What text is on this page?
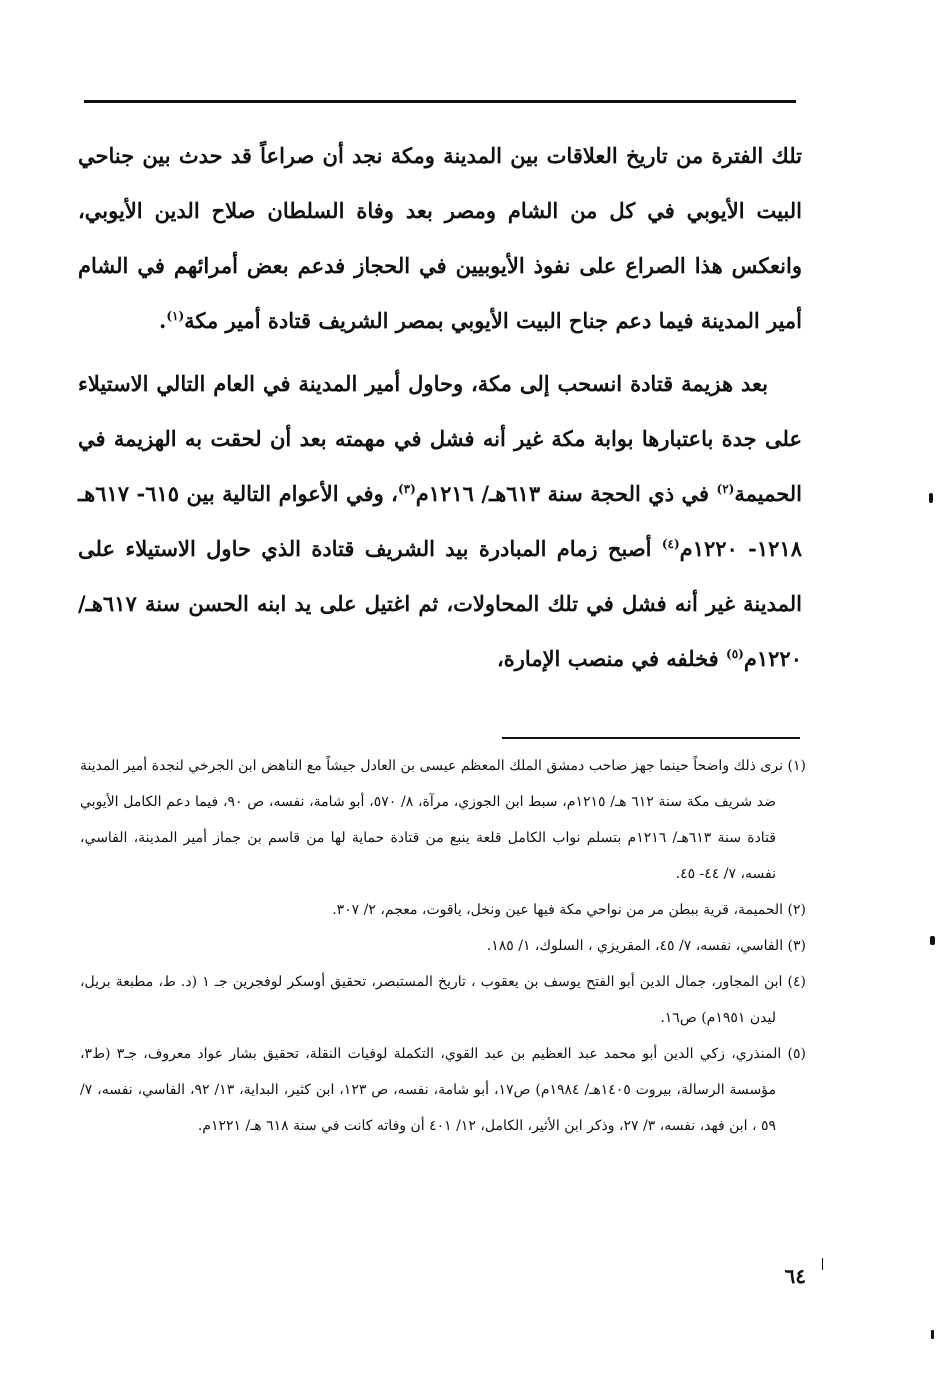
تلك الفترة من تاريخ العلاقات بين المدينة ومكة نجد أن صراعاً قد حدث بين جناحي البيت الأيوبي في كل من الشام ومصر بعد وفاة السلطان صلاح الدين الأيوبي، وانعكس هذا الصراع على نفوذ الأيوبيين في الحجاز فدعم بعض أمرائهم في الشام أمير المدينة فيما دعم جناح البيت الأيوبي بمصر الشريف قتادة أمير مكة$^{(١)}$.

بعد هزيمة قتادة انسحب إلى مكة، وحاول أمير المدينة في العام التالي الاستيلاء على جدة باعتبارها بوابة مكة غير أنه فشل في مهمته بعد أن لحقت به الهزيمة في الحميمة$^{(٢)}$ في ذي الحجة سنة ٦١٣هـ/ ١٢١٦م$^{(٣)}$، وفي الأعوام التالية بين ٦١٥- ٦١٧هـ ١٢١٨- ١٢٢٠م$^{(٤)}$ أصبح زمام المبادرة بيد الشريف قتادة الذي حاول الاستيلاء على المدينة غير أنه فشل في تلك المحاولات، ثم اغتيل على يد ابنه الحسن سنة ٦١٧هـ/ ١٢٢٠م$^{(٥)}$ فخلفه في منصب الإمارة،

(١) نرى ذلك واضحاً حينما جهز صاحب دمشق الملك المعظم عيسى بن العادل جيشاً مع الناهض ابن الجرخي لنجدة أمير المدينة ضد شريف مكة سنة ٦١٢ هـ/ ١٢١٥م، سبط ابن الجوزي، مرآة، ٨/ ٥٧٠، أبو شامة، نفسه، ص ٩٠، فيما دعم الكامل الأيوبي قتادة سنة ٦١٣هـ/ ١٢١٦م بتسلم نواب الكامل قلعة ينبع من قتادة حماية لها من قاسم بن جماز أمير المدينة، الفاسي، نفسه، ٧/ ٤٤- ٤٥.

(٢) الحميمة، قرية ببطن مر من نواحي مكة فيها عين ونخل، ياقوت، معجم، ٢/ ٣٠٧.

(٣) الفاسي، نفسه، ٧/ ٤٥، المقريزي ، السلوك، ١/ ١٨٥.

(٤) ابن المجاور، جمال الدين أبو الفتح يوسف بن يعقوب ، تاريخ المستبصر، تحقيق أوسكر لوفجرين جـ ١ (د. ط، مطبعة بريل، ليدن ١٩٥١م) ص١٦.

(٥) المنذري، زكي الدين أبو محمد عبد العظيم بن عبد القوي، التكملة لوفيات النقلة، تحقيق بشار عواد معروف، جـ٣ (ط٣، مؤسسة الرسالة، بيروت ١٤٠٥هـ/ ١٩٨٤م) ص١٧، أبو شامة، نفسه، ص ١٢٣، ابن كثير، البداية، ١٣/ ٩٢، الفاسي، نفسه، ٧/ ٥٩ ، ابن فهد، نفسه، ٣/ ٢٧، وذكر ابن الأثير، الكامل، ١٢/ ٤٠١ أن وفاته كانت في سنة ٦١٨ هـ/ ١٢٢١م.

٦٤
